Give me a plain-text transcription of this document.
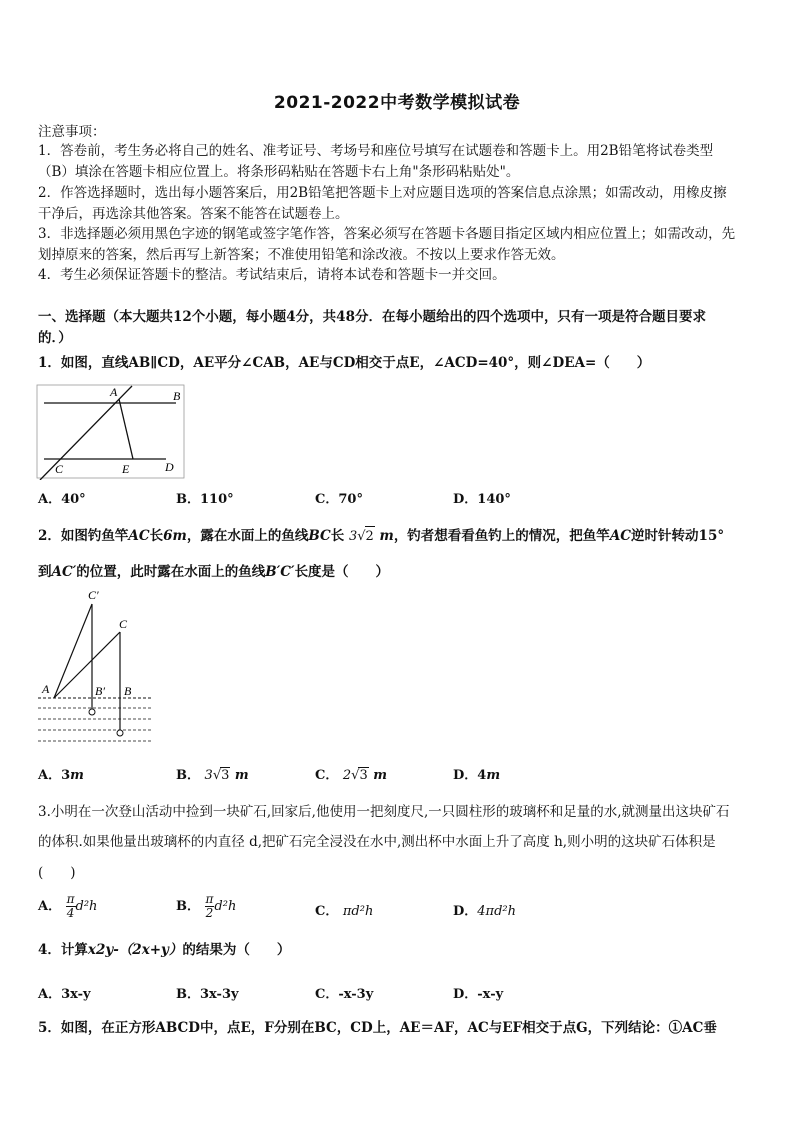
2021-2022中考数学模拟试卷
注意事项：
1．答卷前，考生务必将自己的姓名、准考证号、考场号和座位号填写在试题卷和答题卡上。用2B铅笔将试卷类型
（B）填涂在答题卡相应位置上。将条形码粘贴在答题卡右上角"条形码粘贴处"。
2．作答选择题时，选出每小题答案后，用2B铅笔把答题卡上对应题目选项的答案信息点涂黑；如需改动，用橡皮擦
干净后，再选涂其他答案。答案不能答在试题卷上。
3．非选择题必须用黑色字迹的钢笔或签字笔作答，答案必须写在答题卡各题目指定区域内相应位置上；如需改动，先
划掉原来的答案，然后再写上新答案；不准使用铅笔和涂改液。不按以上要求作答无效。
4．考生必须保证答题卡的整洁。考试结束后，请将本试卷和答题卡一并交回。
一、选择题（本大题共12个小题，每小题4分，共48分．在每小题给出的四个选项中，只有一项是符合题目要求
的．）
1．如图，直线AB∥CD，AE平分∠CAB，AE与CD相交于点E，∠ACD=40°，则∠DEA=（　　）
A	B
C	E	D
A．40°	B．110°	C．70°	D．140°
2．如图钓鱼竿AC长6m，露在水面上的鱼线BC长 3√2 m，钓者想看看鱼钓上的情况，把鱼竿AC逆时针转动15°
到AC′的位置，此时露在水面上的鱼线B′C′长度是（　　）
C′
C
A	B′ B
A．3m	B． 3√3 m	C． 2√3 m	D．4m
3.小明在一次登山活动中捡到一块矿石,回家后,他使用一把刻度尺,一只圆柱形的玻璃杯和足量的水,就测量出这块矿石
的体积.如果他量出玻璃杯的内直径 d,把矿石完全浸没在水中,测出杯中水面上升了高度 h,则小明的这块矿石体积是
(　　)
A． $\frac{\pi}{4} d^2h$	B． $\frac{\pi}{2} d^2h$	C． πd²h	D．4πd²h
4．计算x2y-（2x+y）的结果为（　　）
A．3x-y	B．3x-3y	C．-x-3y	D．-x-y
5．如图，在正方形ABCD中，点E，F分别在BC，CD上，AE＝AF，AC与EF相交于点G，下列结论：①AC垂
